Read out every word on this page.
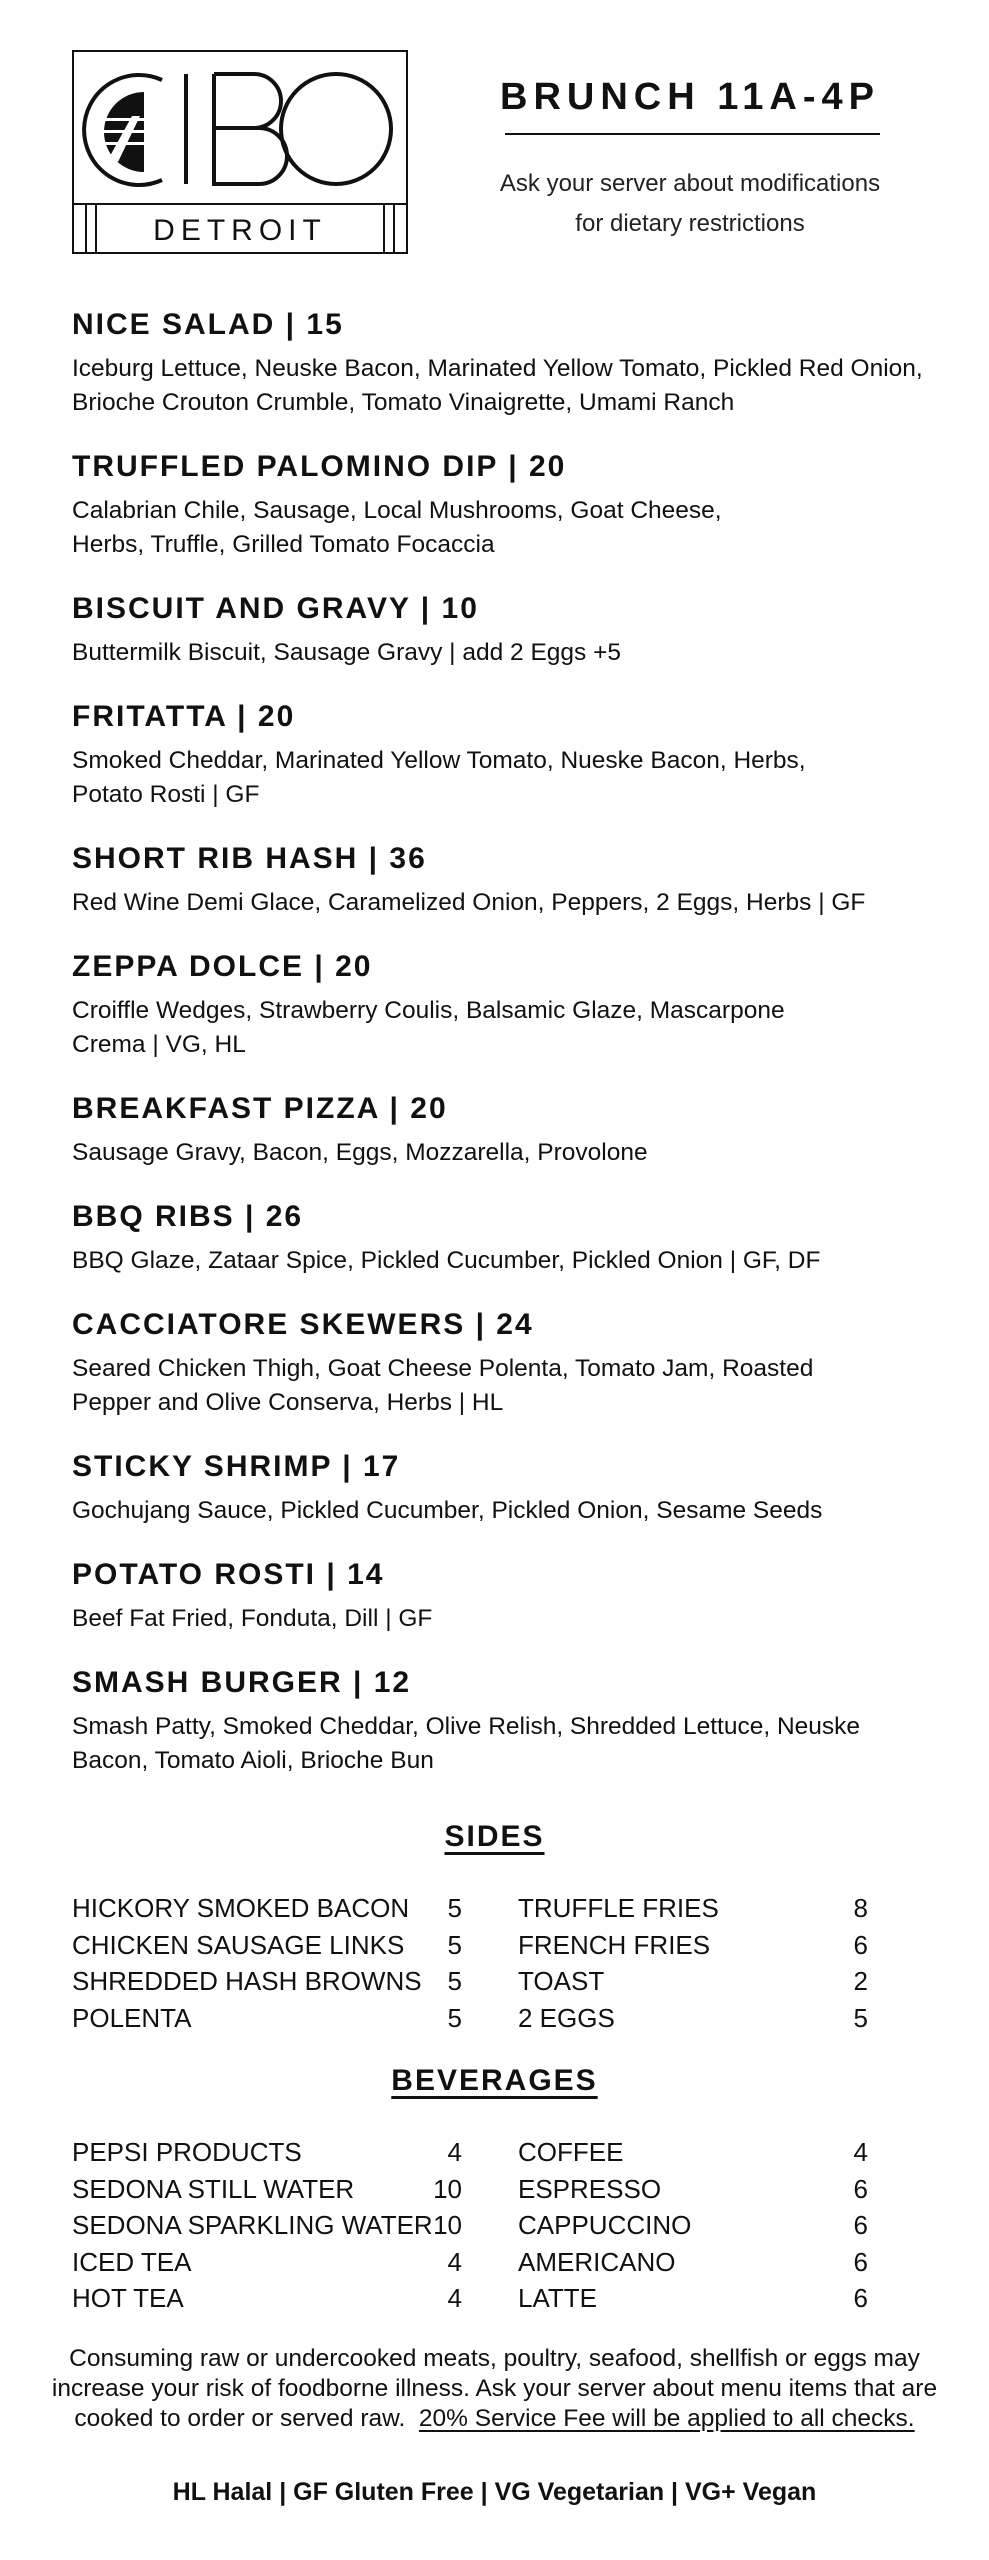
DETROIT
BRUNCH 11A-4P
Ask your server about modifications
for dietary restrictions
NICE SALAD | 15
Iceburg Lettuce, Neuske Bacon, Marinated Yellow Tomato, Pickled Red Onion, Brioche Crouton Crumble, Tomato Vinaigrette, Umami Ranch
TRUFFLED PALOMINO DIP | 20
Calabrian Chile, Sausage, Local Mushrooms, Goat Cheese, Herbs, Truffle, Grilled Tomato Focaccia
BISCUIT AND GRAVY | 10
Buttermilk Biscuit, Sausage Gravy | add 2 Eggs +5
FRITATTA | 20
Smoked Cheddar, Marinated Yellow Tomato, Nueske Bacon, Herbs, Potato Rosti | GF
SHORT RIB HASH | 36
Red Wine Demi Glace, Caramelized Onion, Peppers, 2 Eggs, Herbs | GF
ZEPPA DOLCE | 20
Croiffle Wedges, Strawberry Coulis, Balsamic Glaze, Mascarpone Crema | VG, HL
BREAKFAST PIZZA | 20
Sausage Gravy, Bacon, Eggs, Mozzarella, Provolone
BBQ RIBS | 26
BBQ Glaze, Zataar Spice, Pickled Cucumber, Pickled Onion | GF, DF
CACCIATORE SKEWERS | 24
Seared Chicken Thigh, Goat Cheese Polenta, Tomato Jam, Roasted Pepper and Olive Conserva, Herbs | HL
STICKY SHRIMP | 17
Gochujang Sauce, Pickled Cucumber, Pickled Onion, Sesame Seeds
POTATO ROSTI | 14
Beef Fat Fried, Fonduta, Dill | GF
SMASH BURGER | 12
Smash Patty, Smoked Cheddar, Olive Relish, Shredded Lettuce, Neuske Bacon, Tomato Aioli, Brioche Bun
SIDES
HICKORY SMOKED BACON 5
CHICKEN SAUSAGE LINKS 5
SHREDDED HASH BROWNS 5
POLENTA	5
TRUFFLE FRIES	8
FRENCH FRIES	6
TOAST	2
2 EGGS	5
BEVERAGES
PEPSI PRODUCTS	4
SEDONA STILL WATER	10
SEDONA SPARKLING WATER 10
ICED TEA	4
HOT TEA	4
COFFEE	4
ESPRESSO	6
CAPPUCCINO	6
AMERICANO	6
LATTE	6
Consuming raw or undercooked meats, poultry, seafood, shellfish or eggs may
increase your risk of foodborne illness. Ask your server about menu items that are
cooked to order or served raw. 20% Service Fee will be applied to all checks.
HL Halal | GF Gluten Free | VG Vegetarian | VG+ Vegan
